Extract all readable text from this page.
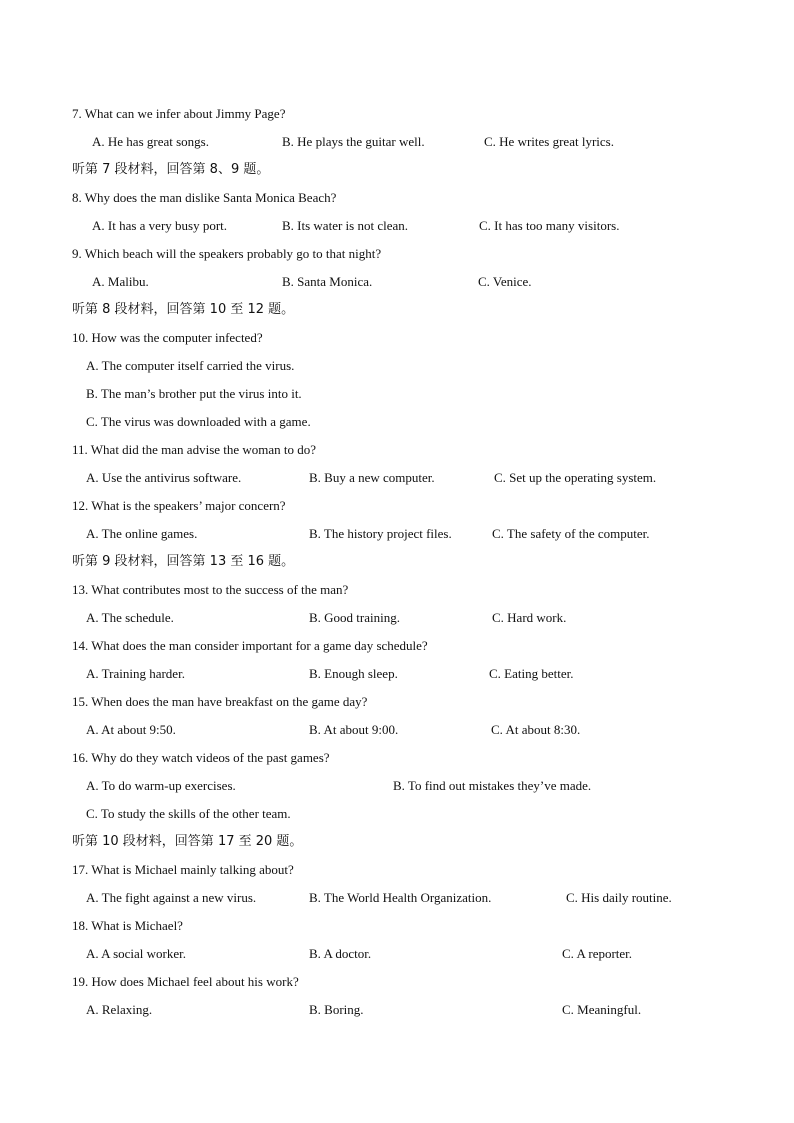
7. What can we infer about Jimmy Page?
A. He has great songs.	B. He plays the guitar well.	C. He writes great lyrics.
听第 7 段材料，回答第 8、9 题。
8. Why does the man dislike Santa Monica Beach?
A. It has a very busy port.	B. Its water is not clean.	C. It has too many visitors.
9. Which beach will the speakers probably go to that night?
A. Malibu.	B. Santa Monica.	C. Venice.
听第 8 段材料，回答第 10 至 12 题。
10. How was the computer infected?
A. The computer itself carried the virus.
B. The man’s brother put the virus into it.
C. The virus was downloaded with a game.
11. What did the man advise the woman to do?
A. Use the antivirus software.	B. Buy a new computer.	C. Set up the operating system.
12. What is the speakers’ major concern?
A. The online games.	B. The history project files.	C. The safety of the computer.
听第 9 段材料，回答第 13 至 16 题。
13. What contributes most to the success of the man?
A. The schedule.	B. Good training.	C. Hard work.
14. What does the man consider important for a game day schedule?
A. Training harder.	B. Enough sleep.	C. Eating better.
15. When does the man have breakfast on the game day?
A. At about 9:50.	B. At about 9:00.	C. At about 8:30.
16. Why do they watch videos of the past games?
A. To do warm-up exercises.	B. To find out mistakes they’ve made.
C. To study the skills of the other team.
听第 10 段材料，回答第 17 至 20 题。
17. What is Michael mainly talking about?
A. The fight against a new virus.	B. The World Health Organization.	C. His daily routine.
18. What is Michael?
A. A social worker.	B. A doctor.	C. A reporter.
19. How does Michael feel about his work?
A. Relaxing.	B. Boring.	C. Meaningful.
